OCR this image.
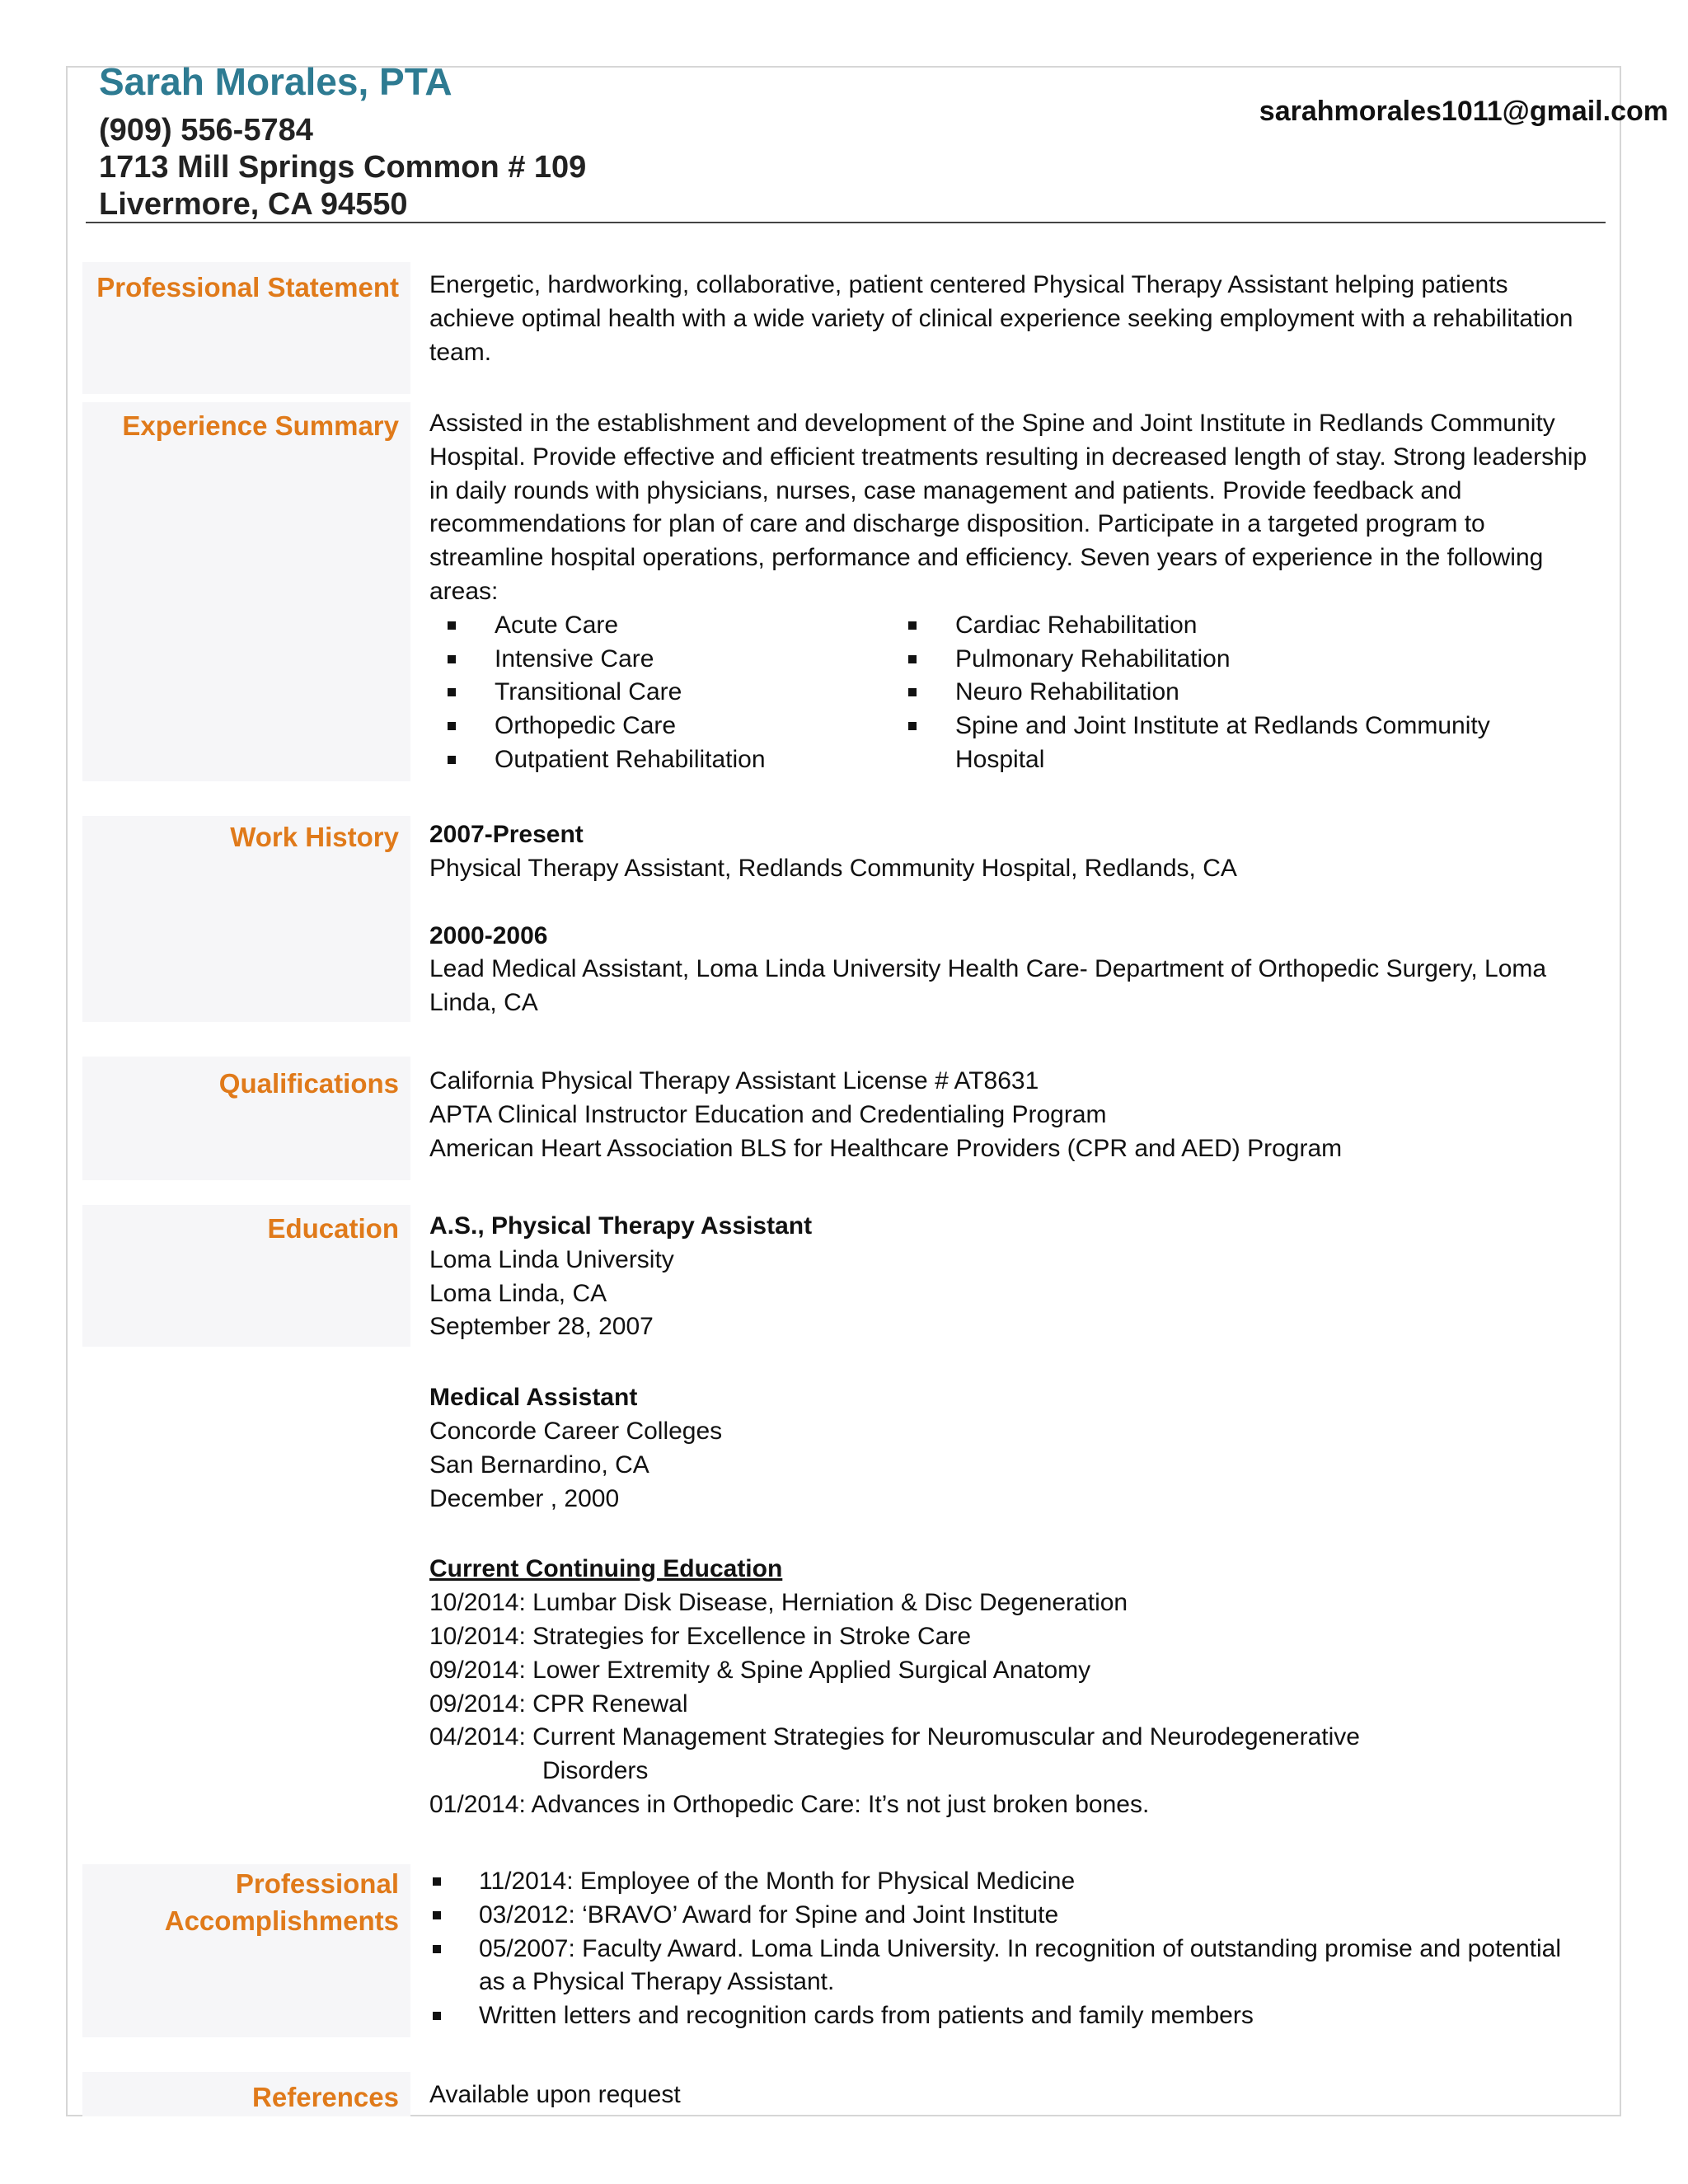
Sarah Morales, PTA
(909) 556-5784
1713 Mill Springs Common # 109
Livermore, CA 94550
sarahmorales1011@gmail.com
Professional Statement Energetic, hardworking, collaborative, patient centered Physical Therapy Assistant helping patients achieve optimal health with a wide variety of clinical experience seeking employment with a rehabilitation team.
Experience Summary Assisted in the establishment and development of the Spine and Joint Institute in Redlands Community Hospital. Provide effective and efficient treatments resulting in decreased length of stay. Strong leadership in daily rounds with physicians, nurses, case management and patients. Provide feedback and recommendations for plan of care and discharge disposition. Participate in a targeted program to streamline hospital operations, performance and efficiency. Seven years of experience in the following areas:

Acute Care
Intensive Care
Transitional Care
Orthopedic Care
Outpatient Rehabilitation
Cardiac Rehabilitation
Pulmonary Rehabilitation
Neuro Rehabilitation
Spine and Joint Institute at Redlands Community Hospital
Work History 2007-Present

Physical Therapy Assistant, Redlands Community Hospital, Redlands, CA

2000-2006

Lead Medical Assistant, Loma Linda University Health Care- Department of Orthopedic Surgery, Loma Linda, CA

Qualifications California Physical Therapy Assistant License # AT8631

APTA Clinical Instructor Education and Credentialing Program

American Heart Association BLS for Healthcare Providers (CPR and AED) Program

Education A.S., Physical Therapy Assistant

Loma Linda University

Loma Linda, CA

September 28, 2007

Medical Assistant

Concorde Career Colleges

San Bernardino, CA

December , 2000

Current Continuing Education

10/2014: Lumbar Disk Disease, Herniation & Disc Degeneration

10/2014: Strategies for Excellence in Stroke Care

09/2014: Lower Extremity & Spine Applied Surgical Anatomy

09/2014: CPR Renewal

04/2014: Current Management Strategies for Neuromuscular and Neurodegenerative

Disorders

01/2014: Advances in Orthopedic Care: It’s not just broken bones.

Professional
Accomplishments
11/2014: Employee of the Month for Physical Medicine
03/2012: ‘BRAVO’ Award for Spine and Joint Institute
05/2007: Faculty Award. Loma Linda University. In recognition of outstanding promise and potential as a Physical Therapy Assistant.
Written letters and recognition cards from patients and family members
References Available upon request
